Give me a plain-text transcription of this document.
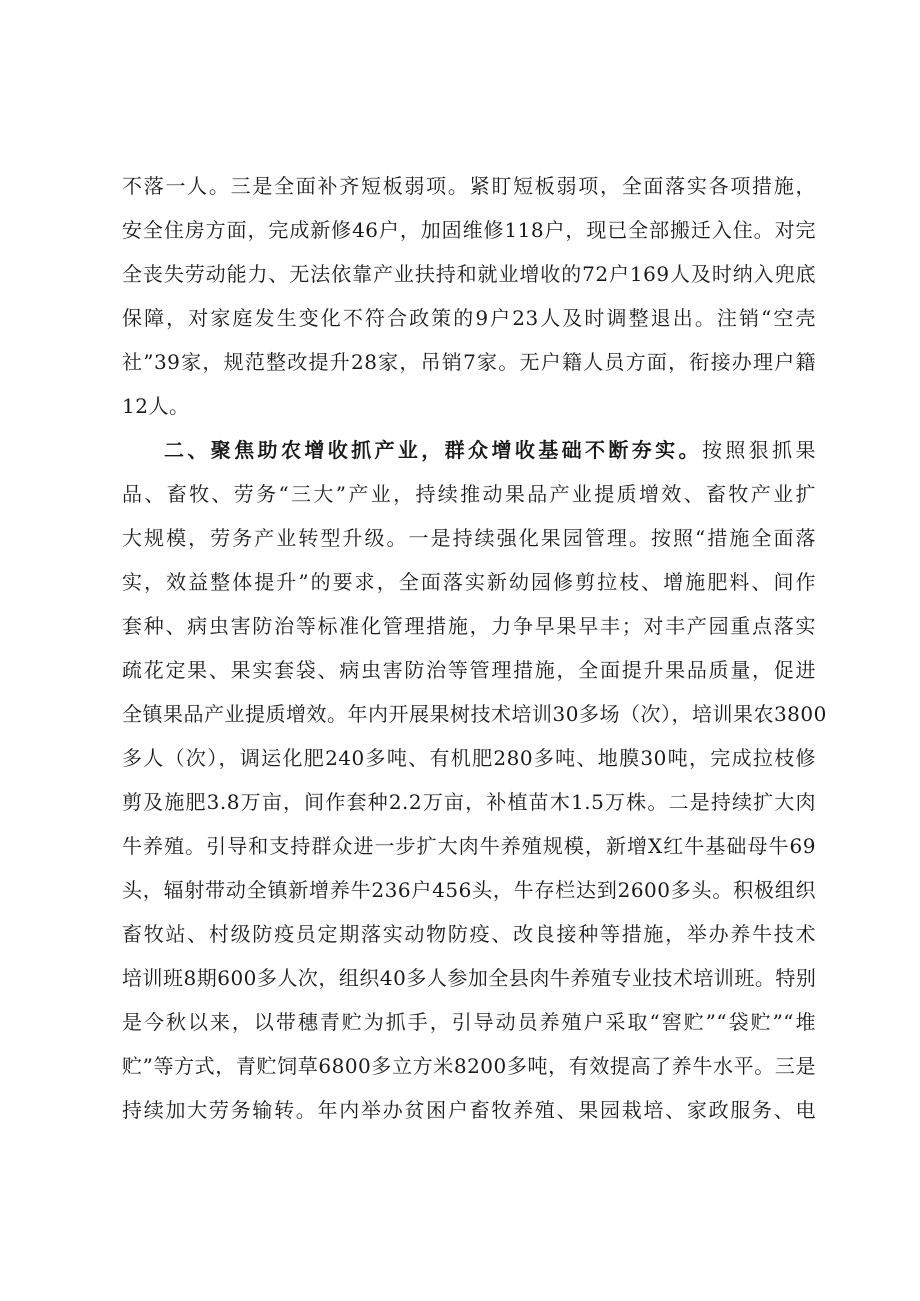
不落一人。三是全面补齐短板弱项。紧盯短板弱项，全面落实各项措施，
安全住房方面，完成新修46户，加固维修118户，现已全部搬迁入住。对完
全丧失劳动能力、无法依靠产业扶持和就业增收的72户169人及时纳入兜底
保障，对家庭发生变化不符合政策的9户23人及时调整退出。注销“空壳
社”39家，规范整改提升28家，吊销7家。无户籍人员方面，衔接办理户籍
12人。
二、聚焦助农增收抓产业，群众增收基础不断夯实。按照狠抓果
品、畜牧、劳务“三大”产业，持续推动果品产业提质增效、畜牧产业扩
大规模，劳务产业转型升级。一是持续强化果园管理。按照“措施全面落
实，效益整体提升”的要求，全面落实新幼园修剪拉枝、增施肥料、间作
套种、病虫害防治等标准化管理措施，力争早果早丰；对丰产园重点落实
疏花定果、果实套袋、病虫害防治等管理措施，全面提升果品质量，促进
全镇果品产业提质增效。年内开展果树技术培训30多场（次），培训果农3800
多人（次），调运化肥240多吨、有机肥280多吨、地膜30吨，完成拉枝修
剪及施肥3.8万亩，间作套种2.2万亩，补植苗木1.5万株。二是持续扩大肉
牛养殖。引导和支持群众进一步扩大肉牛养殖规模，新增X红牛基础母牛69
头，辐射带动全镇新增养牛236户456头，牛存栏达到2600多头。积极组织
畜牧站、村级防疫员定期落实动物防疫、改良接种等措施，举办养牛技术
培训班8期600多人次，组织40多人参加全县肉牛养殖专业技术培训班。特别
是今秋以来，以带穗青贮为抓手，引导动员养殖户采取“窖贮”“袋贮”“堆
贮”等方式，青贮饲草6800多立方米8200多吨，有效提高了养牛水平。三是
持续加大劳务输转。年内举办贫困户畜牧养殖、果园栽培、家政服务、电
